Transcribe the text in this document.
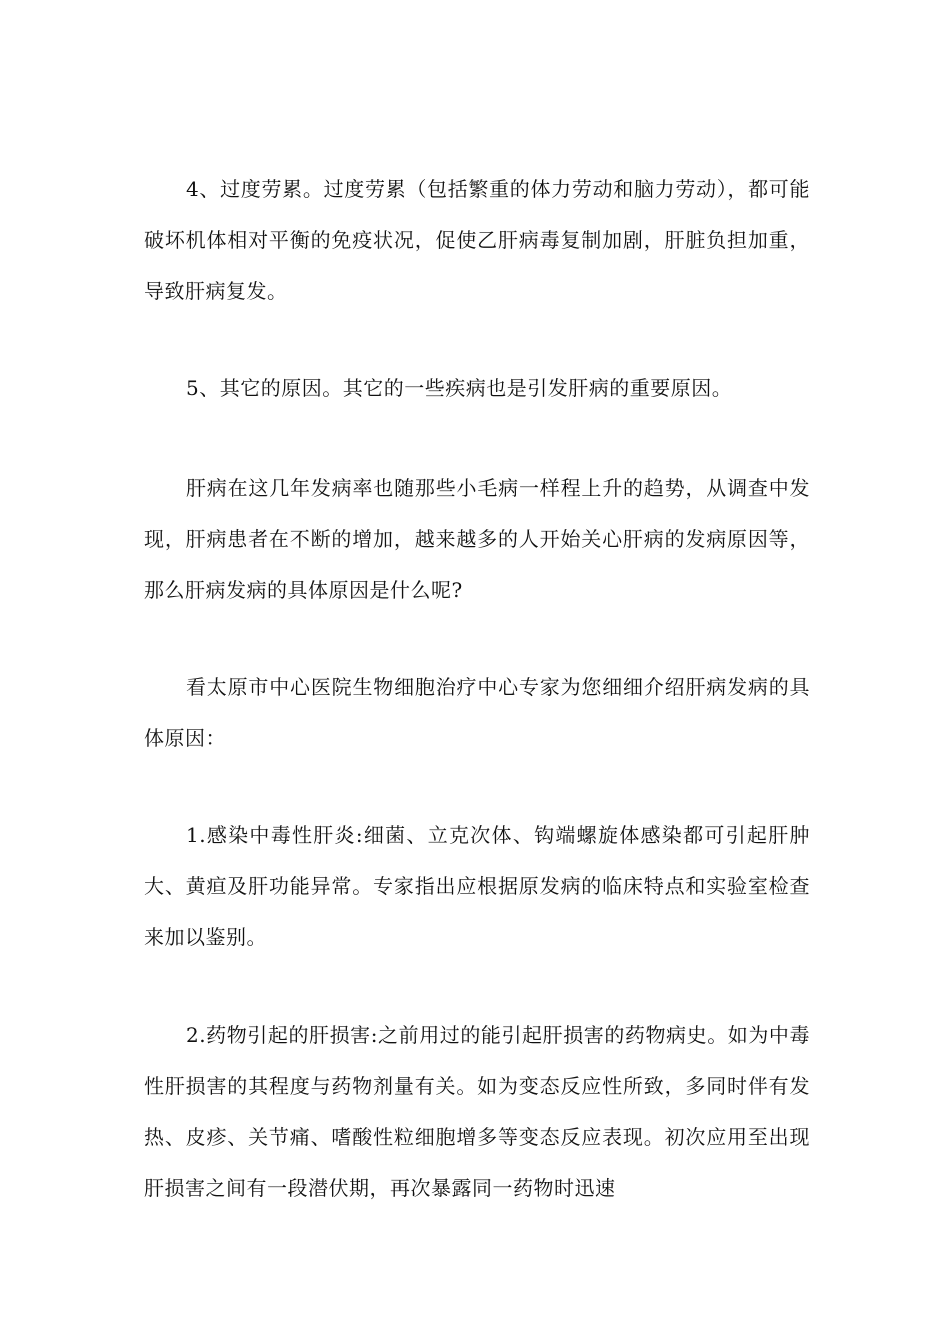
4、过度劳累。过度劳累（包括繁重的体力劳动和脑力劳动），都可能破坏机体相对平衡的免疫状况，促使乙肝病毒复制加剧，肝脏负担加重，导致肝病复发。

5、其它的原因。其它的一些疾病也是引发肝病的重要原因。

肝病在这几年发病率也随那些小毛病一样程上升的趋势，从调查中发现，肝病患者在不断的增加，越来越多的人开始关心肝病的发病原因等，那么肝病发病的具体原因是什么呢?

看太原市中心医院生物细胞治疗中心专家为您细细介绍肝病发病的具体原因：

1.感染中毒性肝炎:细菌、立克次体、钩端螺旋体感染都可引起肝肿大、黄疸及肝功能异常。专家指出应根据原发病的临床特点和实验室检查来加以鉴别。

2.药物引起的肝损害:之前用过的能引起肝损害的药物病史。如为中毒性肝损害的其程度与药物剂量有关。如为变态反应性所致，多同时伴有发热、皮疹、关节痛、嗜酸性粒细胞增多等变态反应表现。初次应用至出现肝损害之间有一段潜伏期，再次暴露同一药物时迅速
